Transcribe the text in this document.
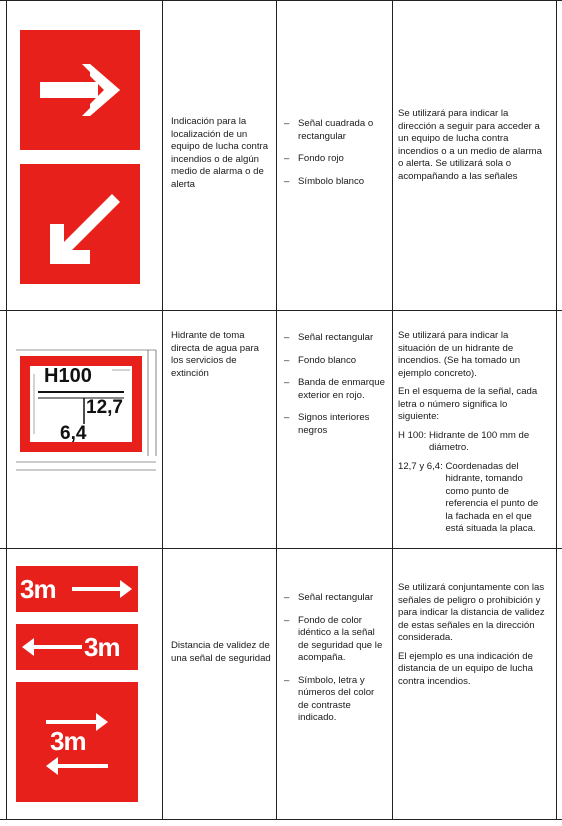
Indicación para la localización de un equipo de lucha contra incendios o de algún medio de alarma o de alerta
– Señal cuadrada o rectangular
– Fondo rojo
– Símbolo blanco

Se utilizará para indicar la dirección a seguir para acceder a un equipo de lucha contra incendios o a un medio de alarma o alerta. Se utilizará sola o acompañando a las señales

H100
12,7
6,4
Hidrante de toma directa de agua para los servicios de extinción
– Señal rectangular
– Fondo blanco
– Banda de enmarque exterior en rojo.
– Signos interiores negros

Se utilizará para indicar la situación de un hidrante de incendios. (Se ha tomado un ejemplo concreto).

En el esquema de la señal, cada letra o número significa lo siguiente:

H 100: Hidrante de 100 mm de diámetro.
12,7 y 6,4: Coordenadas del hidrante, tomando como punto de referencia el punto de la fachada en el que está situada la placa.
3m
3m
3m
Distancia de validez de una señal de seguridad
– Señal rectangular
– Fondo de color idéntico a la señal de seguridad que le acompaña.
– Símbolo, letra y números del color de contraste indicado.

Se utilizará conjuntamente con las señales de peligro o prohibición y para indicar la distancia de validez de estas señales en la dirección considerada.

El ejemplo es una indicación de distancia de un equipo de lucha contra incendios.
